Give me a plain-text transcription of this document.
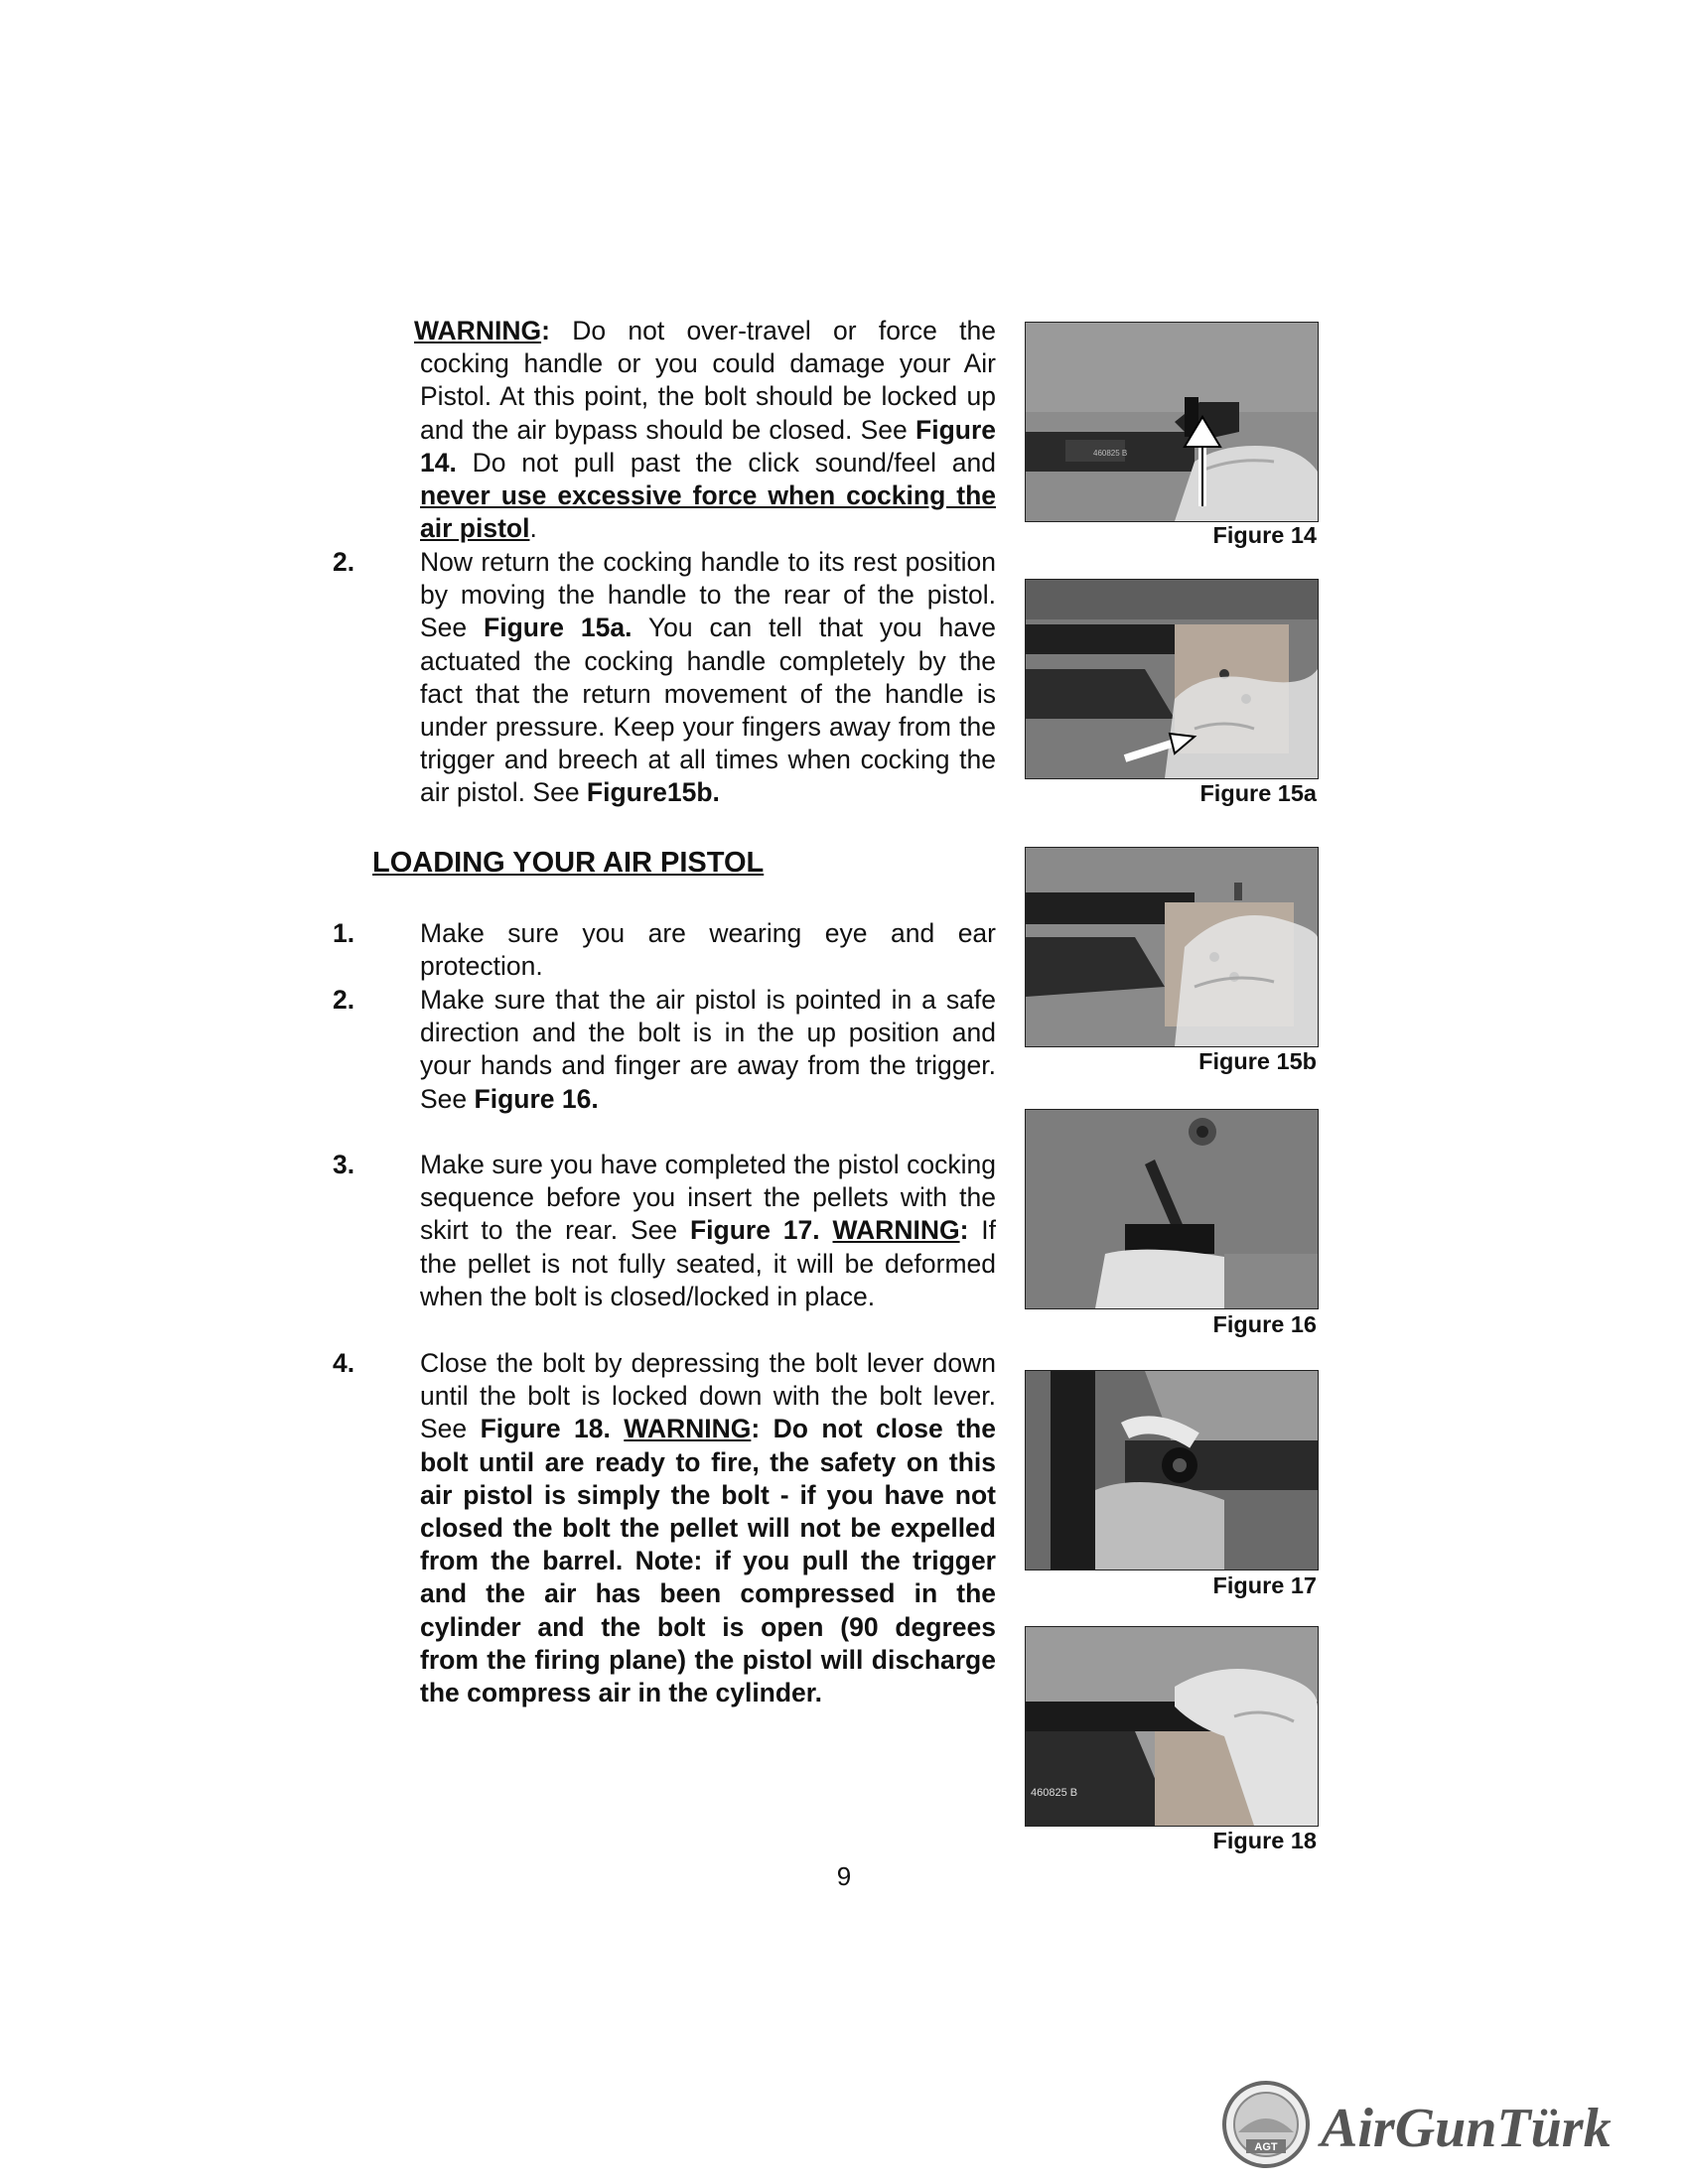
WARNING: Do not over-travel or force the cocking handle or you could damage your Air Pistol. At this point, the bolt should be locked up and the air bypass should be closed. See Figure 14. Do not pull past the click sound/feel and never use excessive force when cocking the air pistol.

2. Now return the cocking handle to its rest position by moving the handle to the rear of the pistol. See Figure 15a. You can tell that you have actuated the cocking handle completely by the fact that the return movement of the handle is under pressure. Keep your fingers away from the trigger and breech at all times when cocking the air pistol. See Figure15b.

LOADING YOUR AIR PISTOL

1. Make sure you are wearing eye and ear protection.

2. Make sure that the air pistol is pointed in a safe direction and the bolt is in the up position and your hands and finger are away from the trigger. See Figure 16.

3. Make sure you have completed the pistol cocking sequence before you insert the pellets with the skirt to the rear. See Figure 17. WARNING: If the pellet is not fully seated, it will be deformed when the bolt is closed/locked in place.

4. Close the bolt by depressing the bolt lever down until the bolt is locked down with the bolt lever. See Figure 18. WARNING: Do not close the bolt until are ready to fire, the safety on this air pistol is simply the bolt - if you have not closed the bolt the pellet will not be expelled from the barrel. Note: if you pull the trigger and the air has been compressed in the cylinder and the bolt is open (90 degrees from the firing plane) the pistol will discharge the compress air in the cylinder.

460825 B
Figure 14
Figure 15a
Figure 15b
Figure 16
Figure 17
460825 B
Figure 18
9
AGT AirGunTürk
